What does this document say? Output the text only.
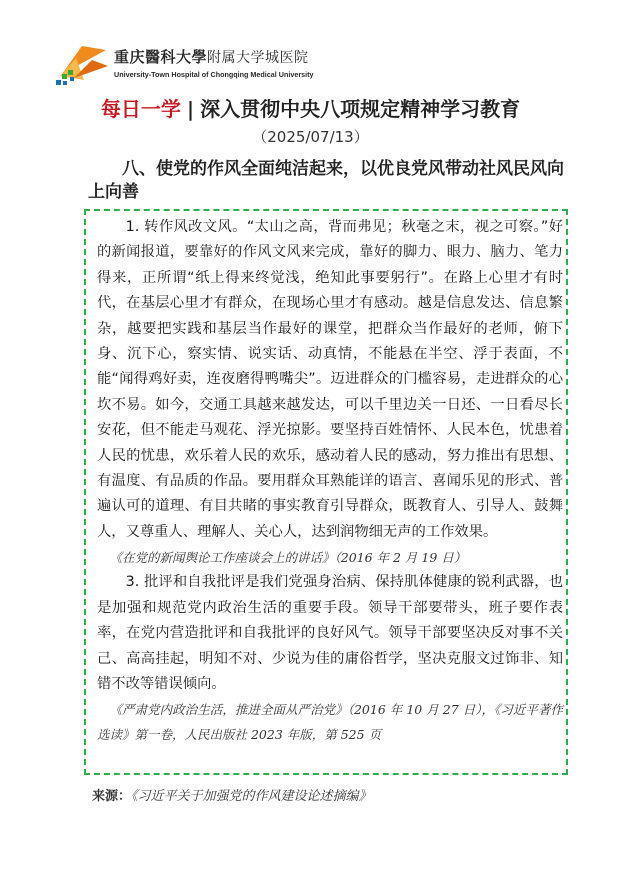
重庆醫科大學附属大学城医院
University-Town Hospital of Chongqing Medical University
每日一学 | 深入贯彻中央八项规定精神学习教育
（2025/07/13）
八、使党的作风全面纯洁起来，以优良党风带动社风民风向上向善

1. 转作风改文风。“太山之高，背而弗见；秋毫之末，视之可察。”好的新闻报道，要靠好的作风文风来完成，靠好的脚力、眼力、脑力、笔力得来，正所谓“纸上得来终觉浅，绝知此事要躬行”。在路上心里才有时代，在基层心里才有群众，在现场心里才有感动。越是信息发达、信息繁杂，越要把实践和基层当作最好的课堂，把群众当作最好的老师，俯下身、沉下心，察实情、说实话、动真情，不能悬在半空、浮于表面，不能“闻得鸡好卖，连夜磨得鸭嘴尖”。迈进群众的门槛容易，走进群众的心坎不易。如今，交通工具越来越发达，可以千里边关一日还、一日看尽长安花，但不能走马观花、浮光掠影。要坚持百姓情怀、人民本色，忧患着人民的忧患，欢乐着人民的欢乐，感动着人民的感动，努力推出有思想、有温度、有品质的作品。要用群众耳熟能详的语言、喜闻乐见的形式、普遍认可的道理、有目共睹的事实教育引导群众，既教育人、引导人、鼓舞人，又尊重人、理解人、关心人，达到润物细无声的工作效果。

《在党的新闻舆论工作座谈会上的讲话》（2016 年 2 月 19 日）

3. 批评和自我批评是我们党强身治病、保持肌体健康的锐利武器，也是加强和规范党内政治生活的重要手段。领导干部要带头，班子要作表率，在党内营造批评和自我批评的良好风气。领导干部要坚决反对事不关己、高高挂起，明知不对、少说为佳的庸俗哲学，坚决克服文过饰非、知错不改等错误倾向。

《严肃党内政治生活，推进全面从严治党》（2016 年 10 月 27 日），《习近平著作选读》第一卷，人民出版社 2023 年版，第 525 页

来源：《习近平关于加强党的作风建设论述摘编》
